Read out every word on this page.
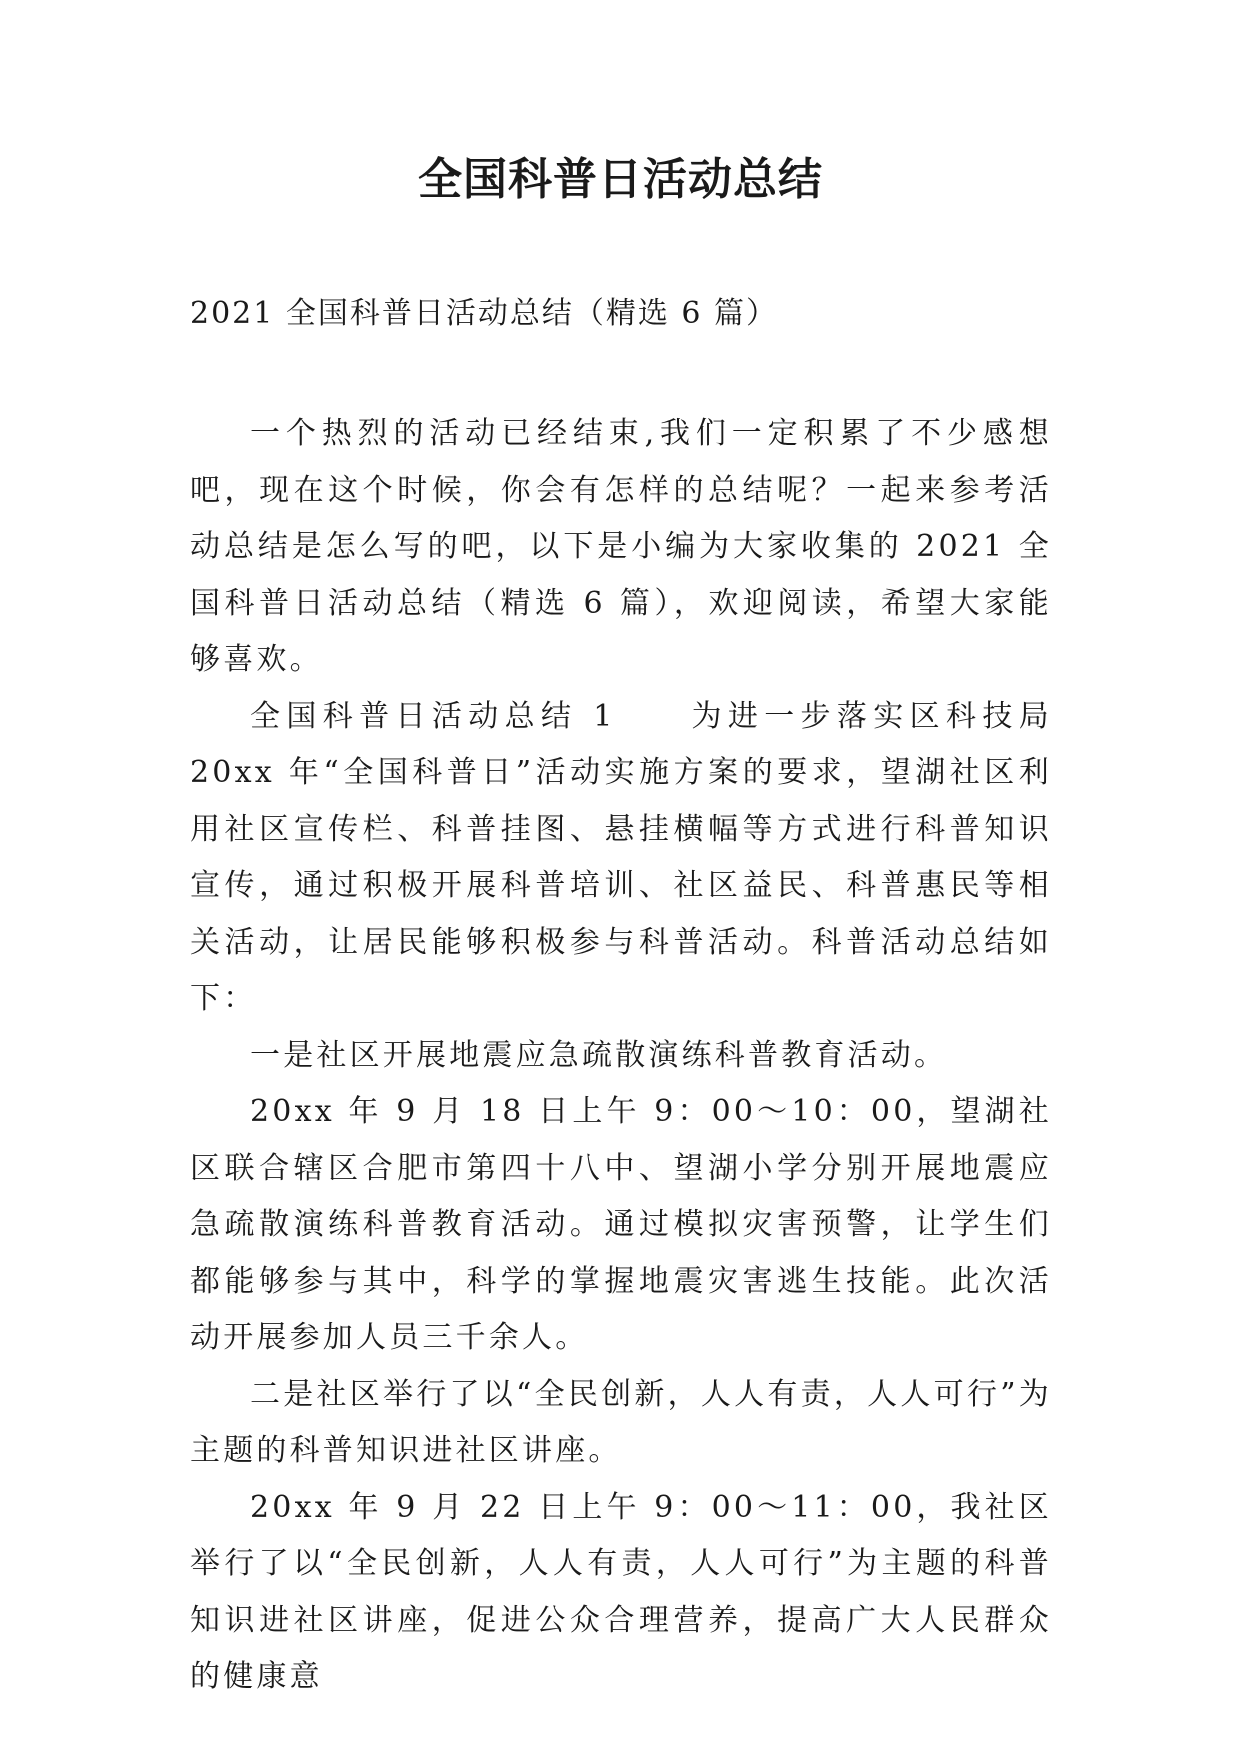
全国科普日活动总结
2021 全国科普日活动总结（精选 6 篇）

一个热烈的活动已经结束,我们一定积累了不少感想吧，现在这个时候，你会有怎样的总结呢？一起来参考活动总结是怎么写的吧，以下是小编为大家收集的 2021 全国科普日活动总结（精选 6 篇），欢迎阅读，希望大家能够喜欢。

全国科普日活动总结 1　　为进一步落实区科技局 20xx 年“全国科普日”活动实施方案的要求，望湖社区利用社区宣传栏、科普挂图、悬挂横幅等方式进行科普知识宣传，通过积极开展科普培训、社区益民、科普惠民等相关活动，让居民能够积极参与科普活动。科普活动总结如下：

一是社区开展地震应急疏散演练科普教育活动。

20xx 年 9 月 18 日上午 9：00～10：00，望湖社区联合辖区合肥市第四十八中、望湖小学分别开展地震应急疏散演练科普教育活动。通过模拟灾害预警，让学生们都能够参与其中，科学的掌握地震灾害逃生技能。此次活动开展参加人员三千余人。

二是社区举行了以“全民创新，人人有责，人人可行”为主题的科普知识进社区讲座。

20xx 年 9 月 22 日上午 9：00～11：00，我社区举行了以“全民创新，人人有责，人人可行”为主题的科普知识进社区讲座，促进公众合理营养，提高广大人民群众的健康意
